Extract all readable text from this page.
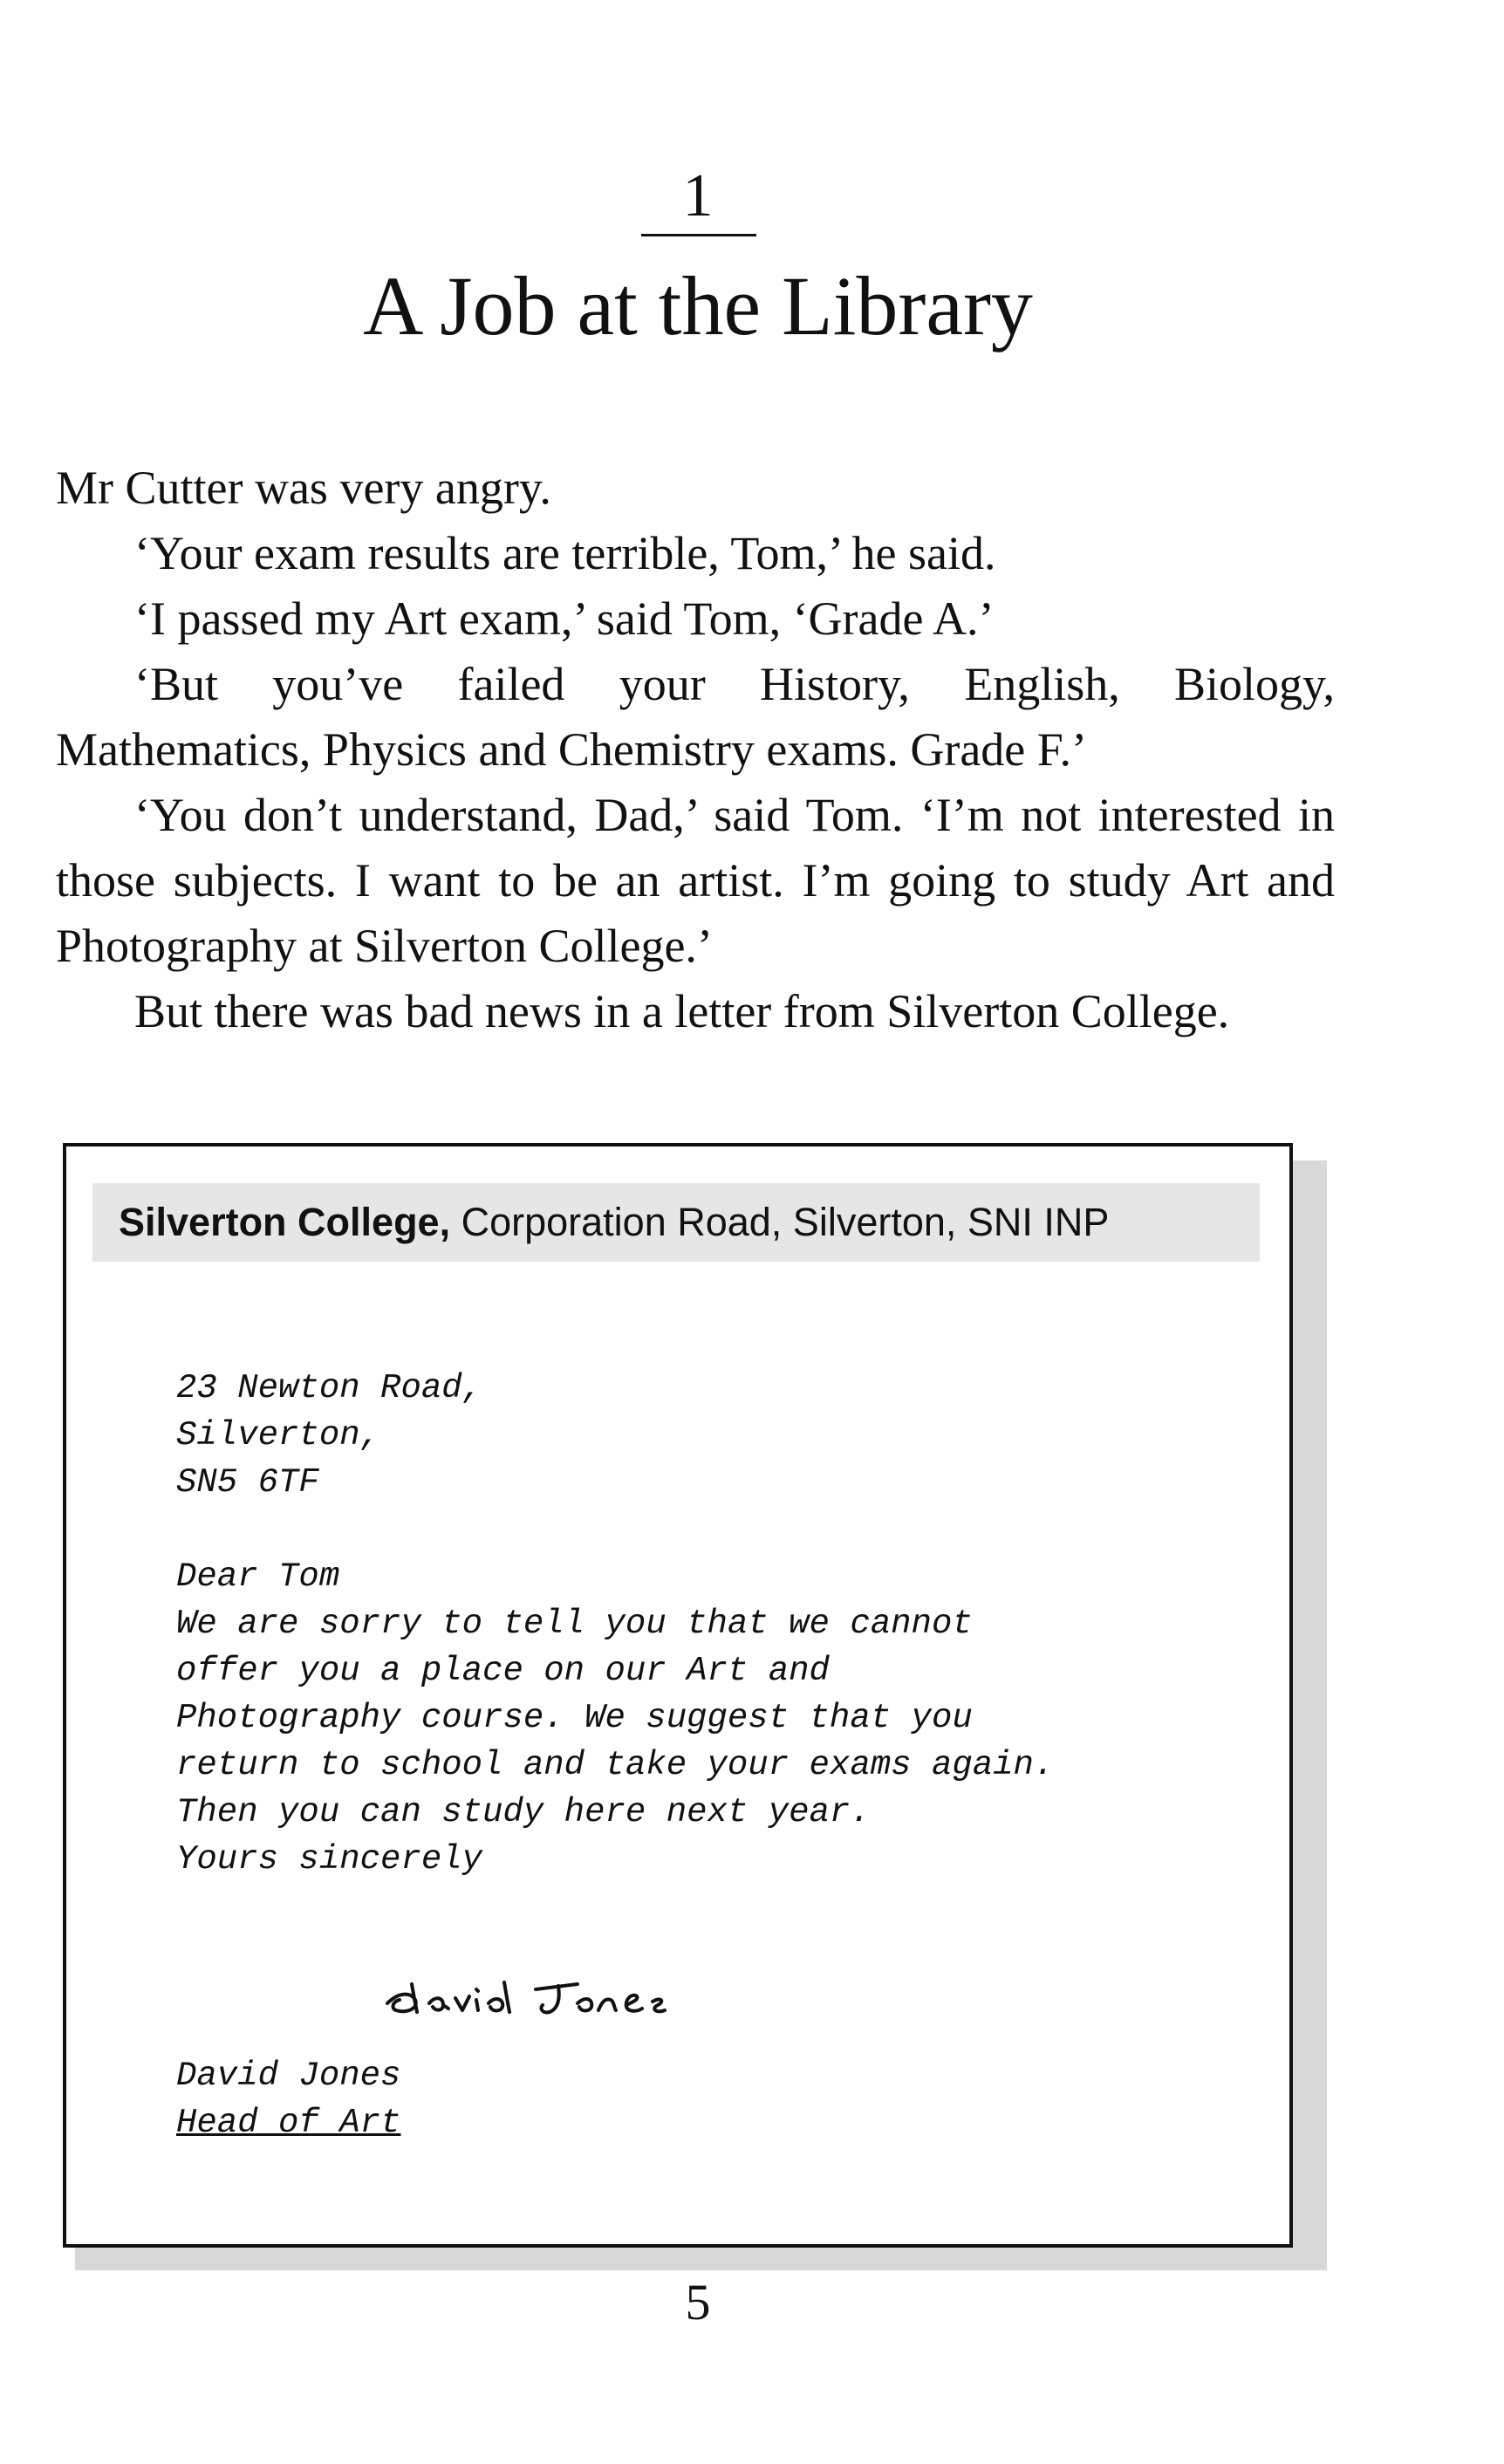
1
A Job at the Library

Mr Cutter was very angry.

‘Your exam results are terrible, Tom,’ he said.

‘I passed my Art exam,’ said Tom, ‘Grade A.’

‘But you’ve failed your History, English, Biology, Mathematics, Physics and Chemistry exams. Grade F.’

‘You don’t understand, Dad,’ said Tom. ‘I’m not interested in those subjects. I want to be an artist. I’m going to study Art and Photography at Silverton College.’

But there was bad news in a letter from Silverton College.

Silverton College, Corporation Road, Silverton, SNI INP
23 Newton Road,
Silverton,
SN5 6TF
Dear Tom
We are sorry to tell you that we cannot
offer you a place on our Art and
Photography course. We suggest that you
return to school and take your exams again.
Then you can study here next year.
Yours sincerely
David Jones
Head of Art
5
